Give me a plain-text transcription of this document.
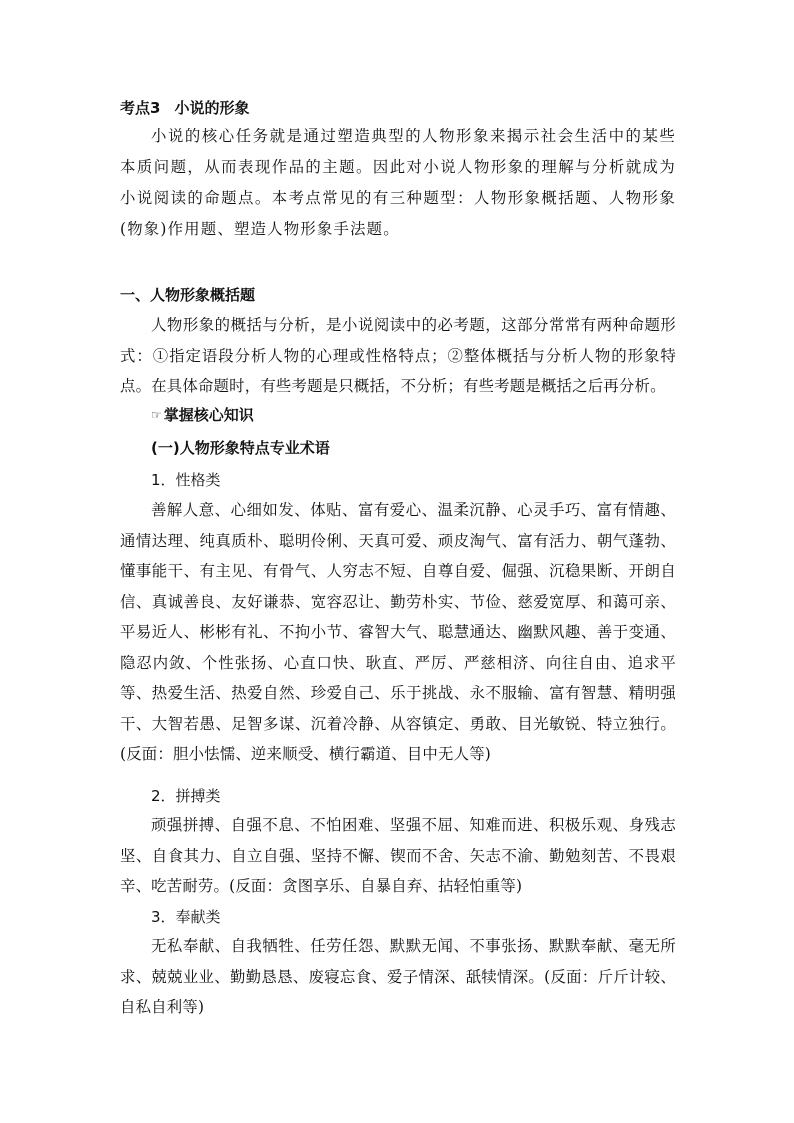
考点3 小说的形象
小说的核心任务就是通过塑造典型的人物形象来揭示社会生活中的某些本质问题，从而表现作品的主题。因此对小说人物形象的理解与分析就成为小说阅读的命题点。本考点常见的有三种题型：人物形象概括题、人物形象(物象)作用题、塑造人物形象手法题。
一、人物形象概括题
人物形象的概括与分析，是小说阅读中的必考题，这部分常常有两种命题形式：①指定语段分析人物的心理或性格特点；②整体概括与分析人物的形象特点。在具体命题时，有些考题是只概括，不分析；有些考题是概括之后再分析。
☞ 掌握核心知识
(一)人物形象特点专业术语
1．性格类
善解人意、心细如发、体贴、富有爱心、温柔沉静、心灵手巧、富有情趣、通情达理、纯真质朴、聪明伶俐、天真可爱、顽皮淘气、富有活力、朝气蓬勃、懂事能干、有主见、有骨气、人穷志不短、自尊自爱、倔强、沉稳果断、开朗自信、真诚善良、友好谦恭、宽容忍让、勤劳朴实、节俭、慈爱宽厚、和蔼可亲、平易近人、彬彬有礼、不拘小节、睿智大气、聪慧通达、幽默风趣、善于变通、隐忍内敛、个性张扬、心直口快、耿直、严厉、严慈相济、向往自由、追求平等、热爱生活、热爱自然、珍爱自己、乐于挑战、永不服输、富有智慧、精明强干、大智若愚、足智多谋、沉着冷静、从容镇定、勇敢、目光敏锐、特立独行。(反面：胆小怯懦、逆来顺受、横行霸道、目中无人等)
2．拼搏类
顽强拼搏、自强不息、不怕困难、坚强不屈、知难而进、积极乐观、身残志坚、自食其力、自立自强、坚持不懈、锲而不舍、矢志不渝、勤勉刻苦、不畏艰辛、吃苦耐劳。(反面：贪图享乐、自暴自弃、拈轻怕重等)
3．奉献类
无私奉献、自我牺牲、任劳任怨、默默无闻、不事张扬、默默奉献、毫无所求、兢兢业业、勤勤恳恳、废寝忘食、爱子情深、舐犊情深。(反面：斤斤计较、自私自利等)
